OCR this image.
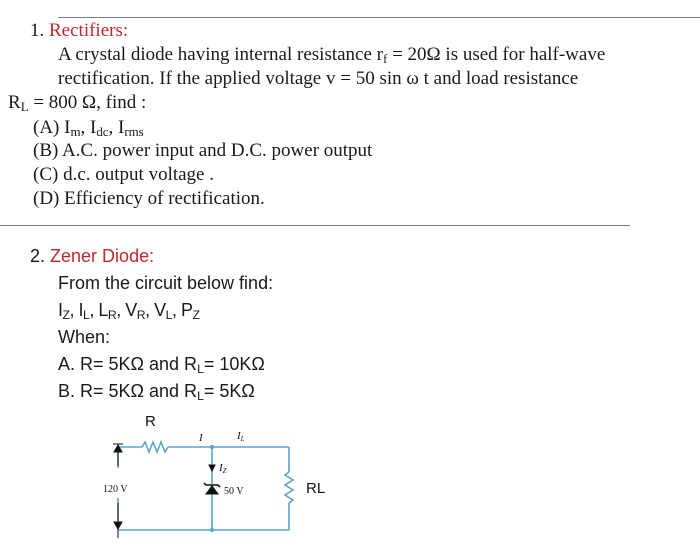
1. Rectifiers:
A crystal diode having internal resistance $r_f = 20\Omega$ is used for half-wave
rectification. If the applied voltage v = 50 sin ω t and load resistance
$R_L = 800$ Ω, find :
(A) $I_m$, $I_{dc}$, $I_{rms}$
(B) A.C. power input and D.C. power output
(C) d.c. output voltage .
(D) Efficiency of rectification.
2. Zener Diode:
From the circuit below find:
$I_Z$, $I_L$, $L_R$, $V_R$, $V_L$, $P_Z$
When:
A. R= 5KΩ and $R_L= 10K\Omega$
B. R= 5KΩ and $R_L= 5K\Omega$
R
I	IL
IZ
120 V	50 V	RL
